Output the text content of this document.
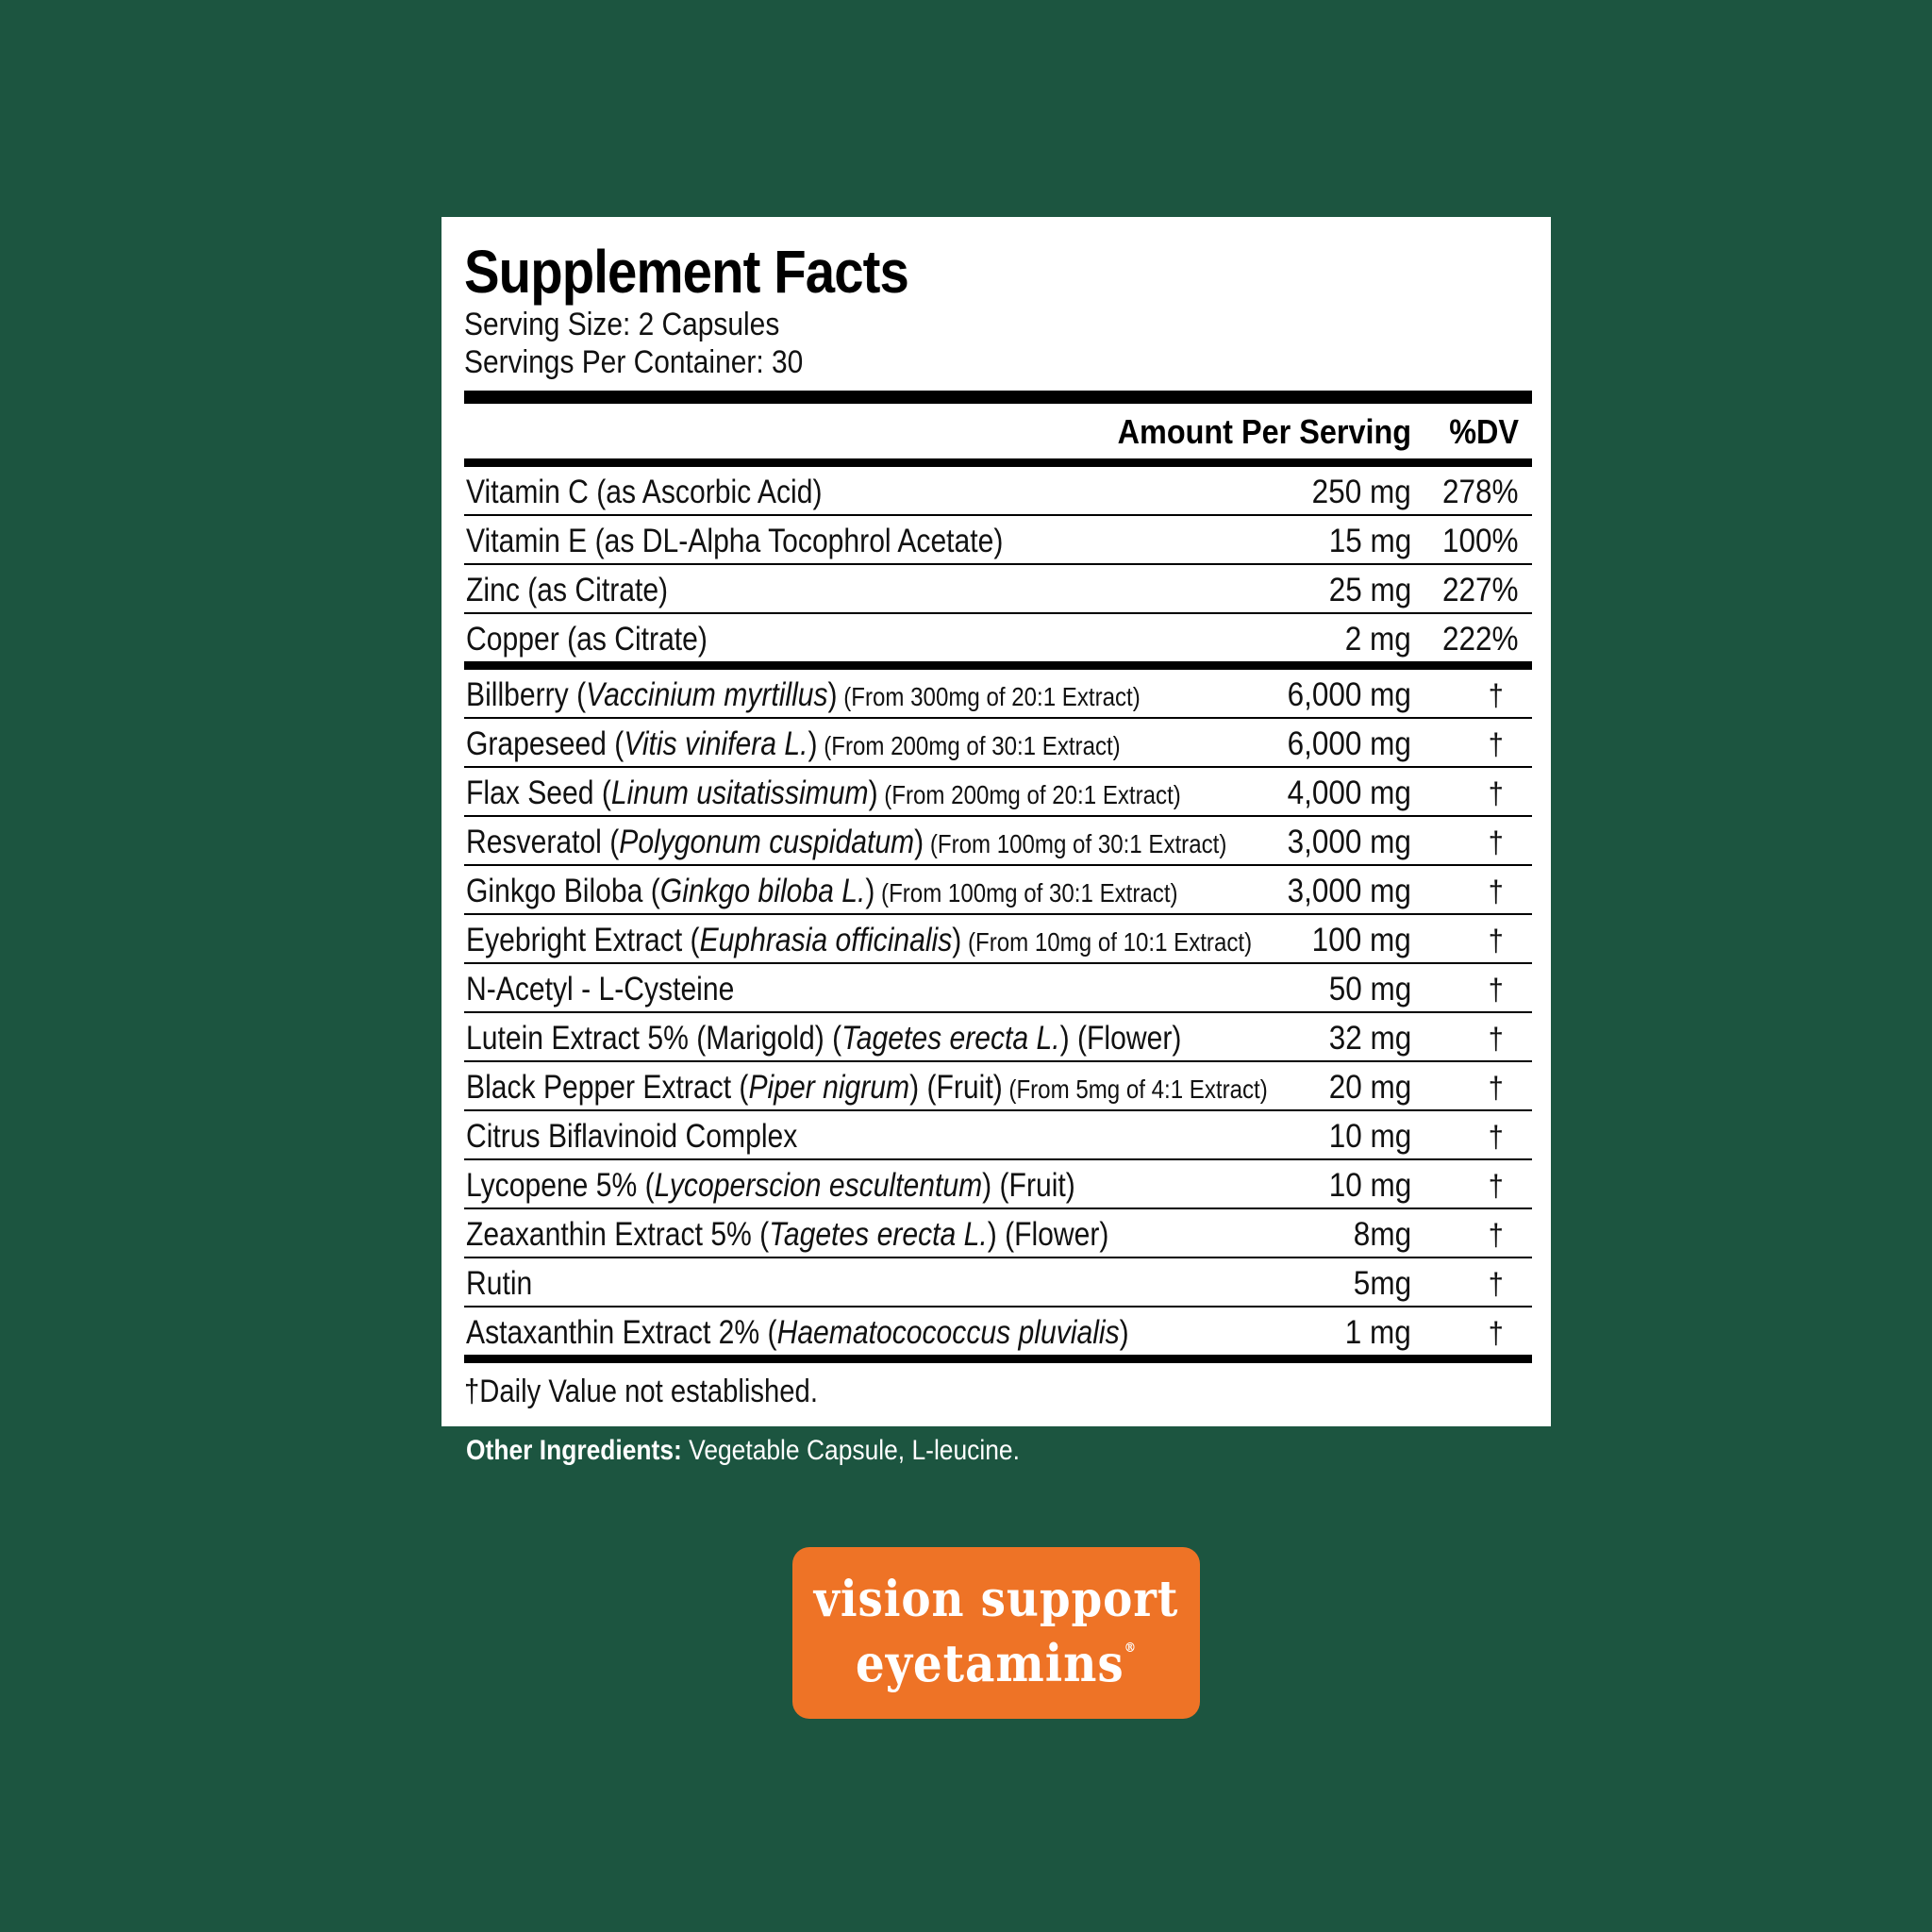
Supplement Facts
Serving Size: 2 Capsules
Servings Per Container: 30
Amount Per Serving %DV
Vitamin C (as Ascorbic Acid)	250 mg 278%
Vitamin E (as DL-Alpha Tocophrol Acetate)	15 mg 100%
Zinc (as Citrate)	25 mg 227%
Copper (as Citrate)	2 mg 222%
Billberry (Vaccinium myrtillus) (From 300mg of 20:1 Extract)	6,000 mg	†
Grapeseed (Vitis vinifera L.) (From 200mg of 30:1 Extract)	6,000 mg	†
Flax Seed (Linum usitatissimum) (From 200mg of 20:1 Extract)	4,000 mg	†
Resveratol (Polygonum cuspidatum) (From 100mg of 30:1 Extract) 3,000 mg	†
Ginkgo Biloba (Ginkgo biloba L.) (From 100mg of 30:1 Extract)	3,000 mg	†
Eyebright Extract (Euphrasia officinalis) (From 10mg of 10:1 Extract) 100 mg	†
N-Acetyl - L-Cysteine	50 mg	†
Lutein Extract 5% (Marigold) (Tagetes erecta L.) (Flower)	32 mg	†
Black Pepper Extract (Piper nigrum) (Fruit) (From 5mg of 4:1 Extract) 20 mg	†
Citrus Biflavinoid Complex	10 mg	†
Lycopene 5% (Lycoperscion escultentum) (Fruit)	10 mg	†
Zeaxanthin Extract 5% (Tagetes erecta L.) (Flower)	8mg	†
Rutin	5mg	†
Astaxanthin Extract 2% (Haematocococcus pluvialis)	1 mg	†
†Daily Value not established.
Other Ingredients: Vegetable Capsule, L-leucine.
vision support
eyetamins®
